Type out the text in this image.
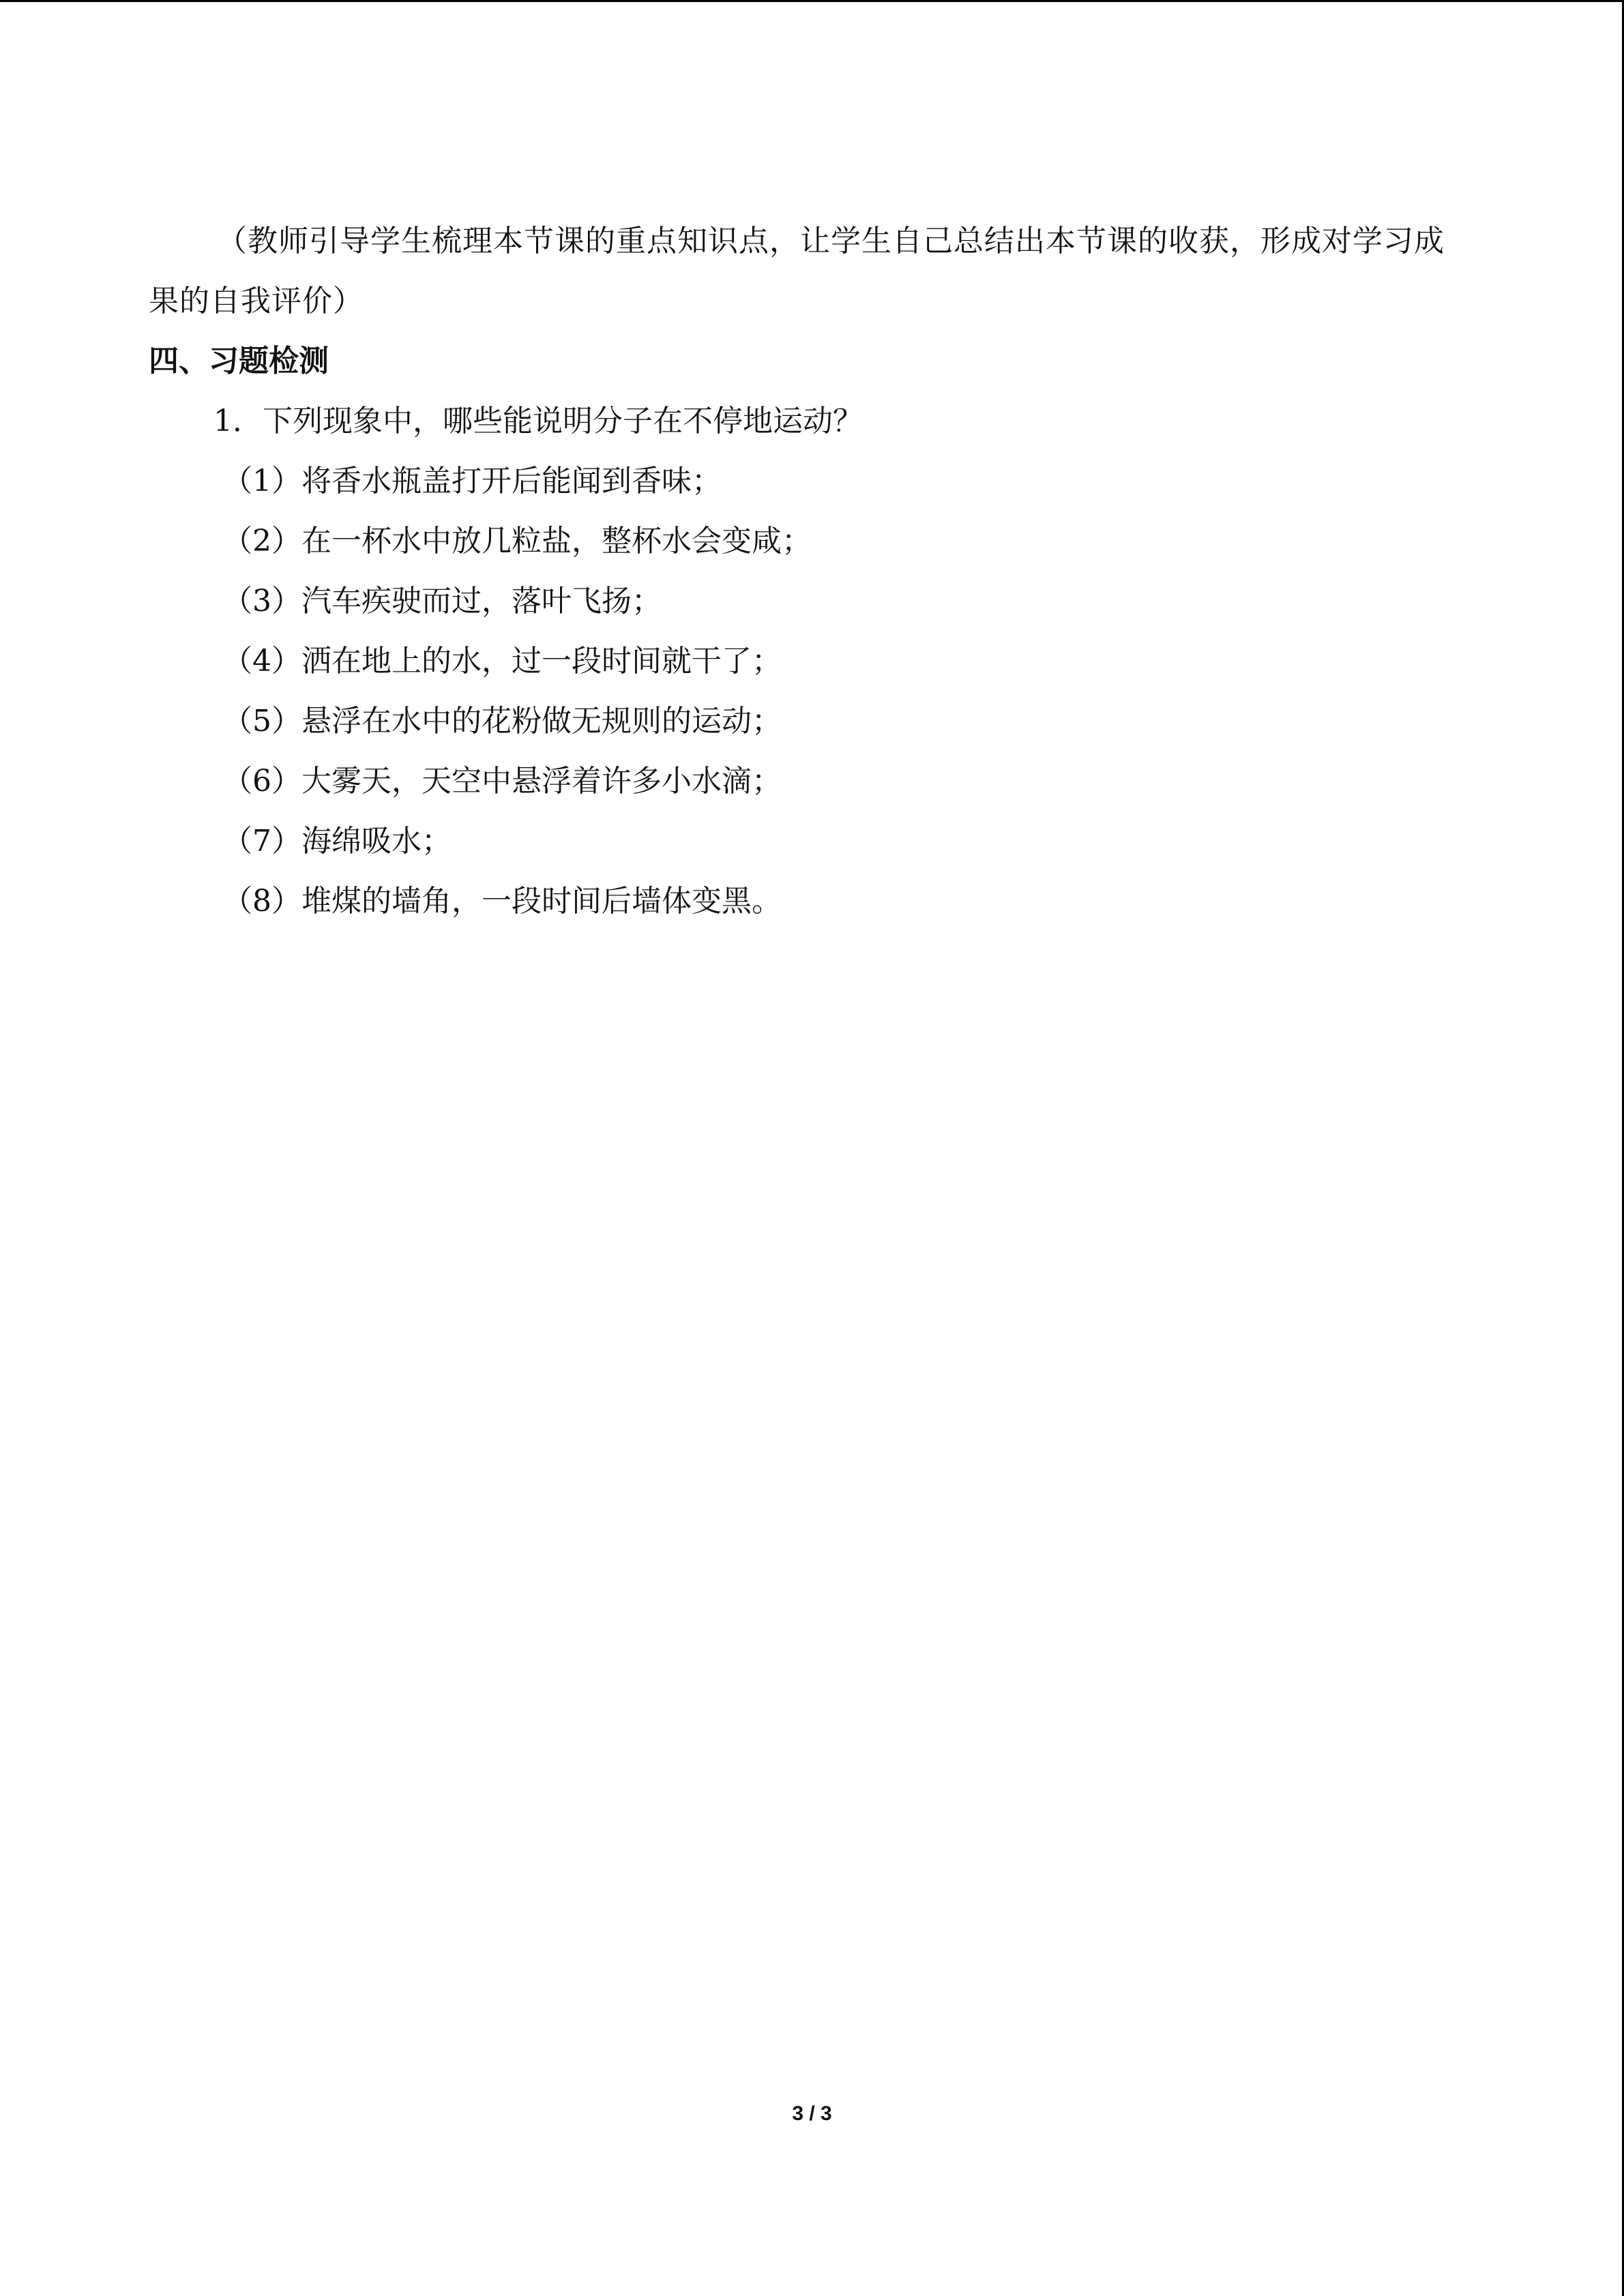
（教师引导学生梳理本节课的重点知识点，让学生自己总结出本节课的收获，形成对学习成果的自我评价）

四、习题检测

1．下列现象中，哪些能说明分子在不停地运动？

（1）将香水瓶盖打开后能闻到香味；
（2）在一杯水中放几粒盐，整杯水会变咸；
（3）汽车疾驶而过，落叶飞扬；
（4）洒在地上的水，过一段时间就干了；
（5）悬浮在水中的花粉做无规则的运动；
（6）大雾天，天空中悬浮着许多小水滴；
（7）海绵吸水；
（8）堆煤的墙角，一段时间后墙体变黑。
3 / 3
